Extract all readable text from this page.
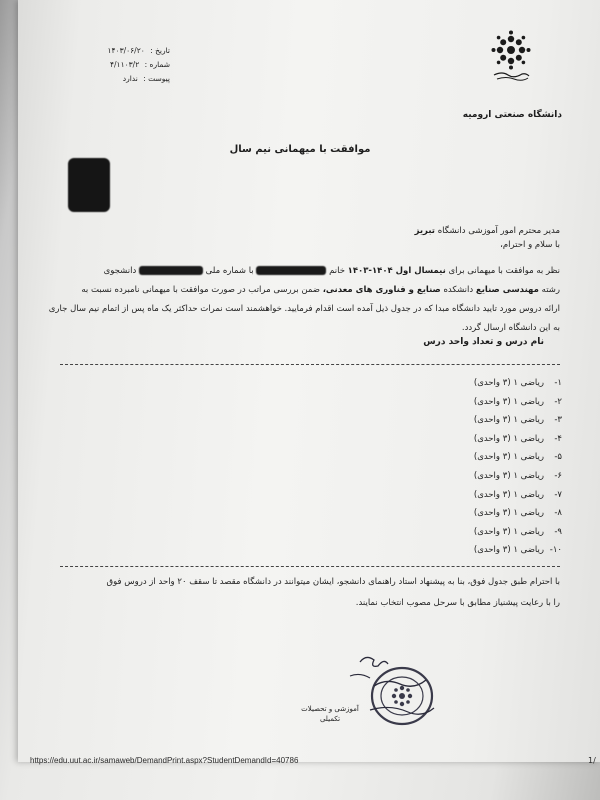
تاریخ : ۱۴۰۳/۰۶/۲۰
شماره : ۴/۱۱۰۳/۲
پیوست : ندارد
دانشگاه صنعتی ارومیه
موافقت با میهمانی نیم سال
مدیر محترم امور آموزشی دانشگاه تبریز
با سلام و احترام،
نظر به موافقت با میهمانی برای نیمسال اول ۱۴۰۴-۱۴۰۳ خانم  با شماره ملی  دانشجوی
رشته مهندسی صنایع دانشکده صنایع و فناوری های معدنی، ضمن بررسی مراتب در صورت موافقت با میهمانی نامبرده نسبت به
ارائه دروس مورد تایید دانشگاه مبدا که در جدول ذیل آمده است اقدام فرمایید. خواهشمند است نمرات حداکثر یک ماه پس از اتمام نیم سال جاری
به این دانشگاه ارسال گردد.
نام درس و تعداد واحد درس
۱-ریاضی ۱ (۳ واحدی)
۲-ریاضی ۱ (۳ واحدی)
۳-ریاضی ۱ (۳ واحدی)
۴-ریاضی ۱ (۳ واحدی)
۵-ریاضی ۱ (۳ واحدی)
۶-ریاضی ۱ (۳ واحدی)
۷-ریاضی ۱ (۳ واحدی)
۸-ریاضی ۱ (۳ واحدی)
۹-ریاضی ۱ (۳ واحدی)
۱۰-ریاضی ۱ (۳ واحدی)
با احترام طبق جدول فوق، بنا به پیشنهاد استاد راهنمای دانشجو، ایشان میتوانند در دانشگاه مقصد تا سقف ۲۰ واحد از دروس فوق
را با رعایت پیشنیاز مطابق با سرحل مصوب انتخاب نمایند.
آموزشی و تحصیلات
تکمیلی
https://edu.uut.ac.ir/samaweb/DemandPrint.aspx?StudentDemandId=40786	1/
